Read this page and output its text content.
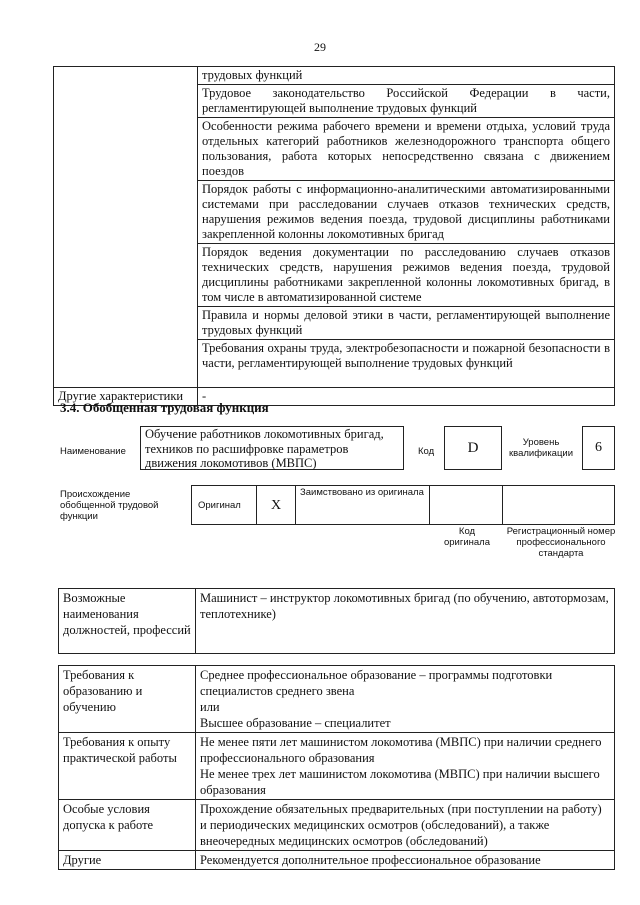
29
	трудовых функций
	Трудовое законодательство Российской Федерации в части, регламентирующей выполнение трудовых функций
	Особенности режима рабочего времени и времени отдыха, условий труда отдельных категорий работников железнодорожного транспорта общего пользования, работа которых непосредственно связана с движением поездов
	Порядок работы с информационно-аналитическими автоматизированными системами при расследовании случаев отказов технических средств, нарушения режимов ведения поезда, трудовой дисциплины работниками закрепленной колонны локомотивных бригад
	Порядок ведения документации по расследованию случаев отказов технических средств, нарушения режимов ведения поезда, трудовой дисциплины работниками закрепленной колонны локомотивных бригад, в том числе в автоматизированной системе
	Правила и нормы деловой этики в части, регламентирующей выполнение трудовых функций
	Требования охраны труда, электробезопасности и пожарной безопасности в части, регламентирующей выполнение трудовых функций
Другие характеристики	-
3.4. Обобщенная трудовая функция
Наименование
Обучение работников локомотивных бригад, техников по расшифровке параметров движения локомотивов (МВПС)
Код	D	Уровень квалификации	6
Происхождение обобщенной трудовой функции
Оригинал	X	Заимствовано из оригинала		
Код оригинала
Регистрационный номер профессионального стандарта
Возможные наименования должностей, профессий	Машинист – инструктор локомотивных бригад (по обучению, автотормозам, теплотехнике)
Требования к образованию и обучению	Среднее профессиональное образование – программы подготовки специалистов среднего звена
или
Высшее образование – специалитет

Требования к опыту практической работы	Не менее пяти лет машинистом локомотива (МВПС) при наличии среднего профессионального образования
Не менее трех лет машинистом локомотива (МВПС) при наличии высшего образования

Особые условия допуска к работе	Прохождение обязательных предварительных (при поступлении на работу) и периодических медицинских осмотров (обследований), а также внеочередных медицинских осмотров (обследований)

Другие	Рекомендуется дополнительное профессиональное образование
